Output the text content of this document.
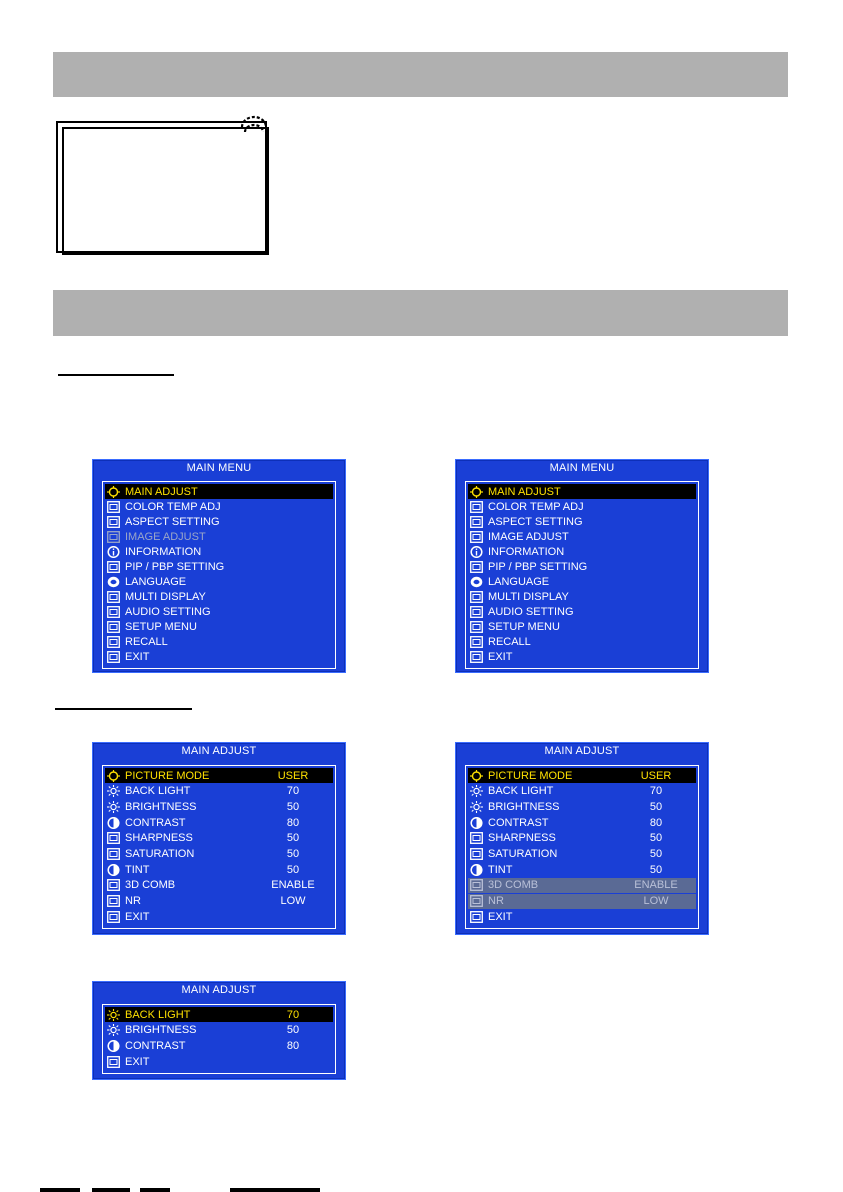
MAIN MENU
MAIN ADJUST
COLOR TEMP ADJ
ASPECT SETTING
IMAGE ADJUST
INFORMATION
PIP / PBP SETTING
LANGUAGE
MULTI DISPLAY
AUDIO SETTING
SETUP MENU
RECALL
EXIT
MAIN MENU
MAIN ADJUST
COLOR TEMP ADJ
ASPECT SETTING
IMAGE ADJUST
INFORMATION
PIP / PBP SETTING
LANGUAGE
MULTI DISPLAY
AUDIO SETTING
SETUP MENU
RECALL
EXIT
MAIN ADJUST
PICTURE MODE	USER
BACK LIGHT	70
BRIGHTNESS	50
CONTRAST	80
SHARPNESS	50
SATURATION	50
TINT	50
3D COMB	ENABLE
NR	LOW
EXIT
MAIN ADJUST
PICTURE MODE	USER
BACK LIGHT	70
BRIGHTNESS	50
CONTRAST	80
SHARPNESS	50
SATURATION	50
TINT	50
3D COMB	ENABLE
NR	LOW
EXIT
MAIN ADJUST
BACK LIGHT	70
BRIGHTNESS	50
CONTRAST	80
EXIT
